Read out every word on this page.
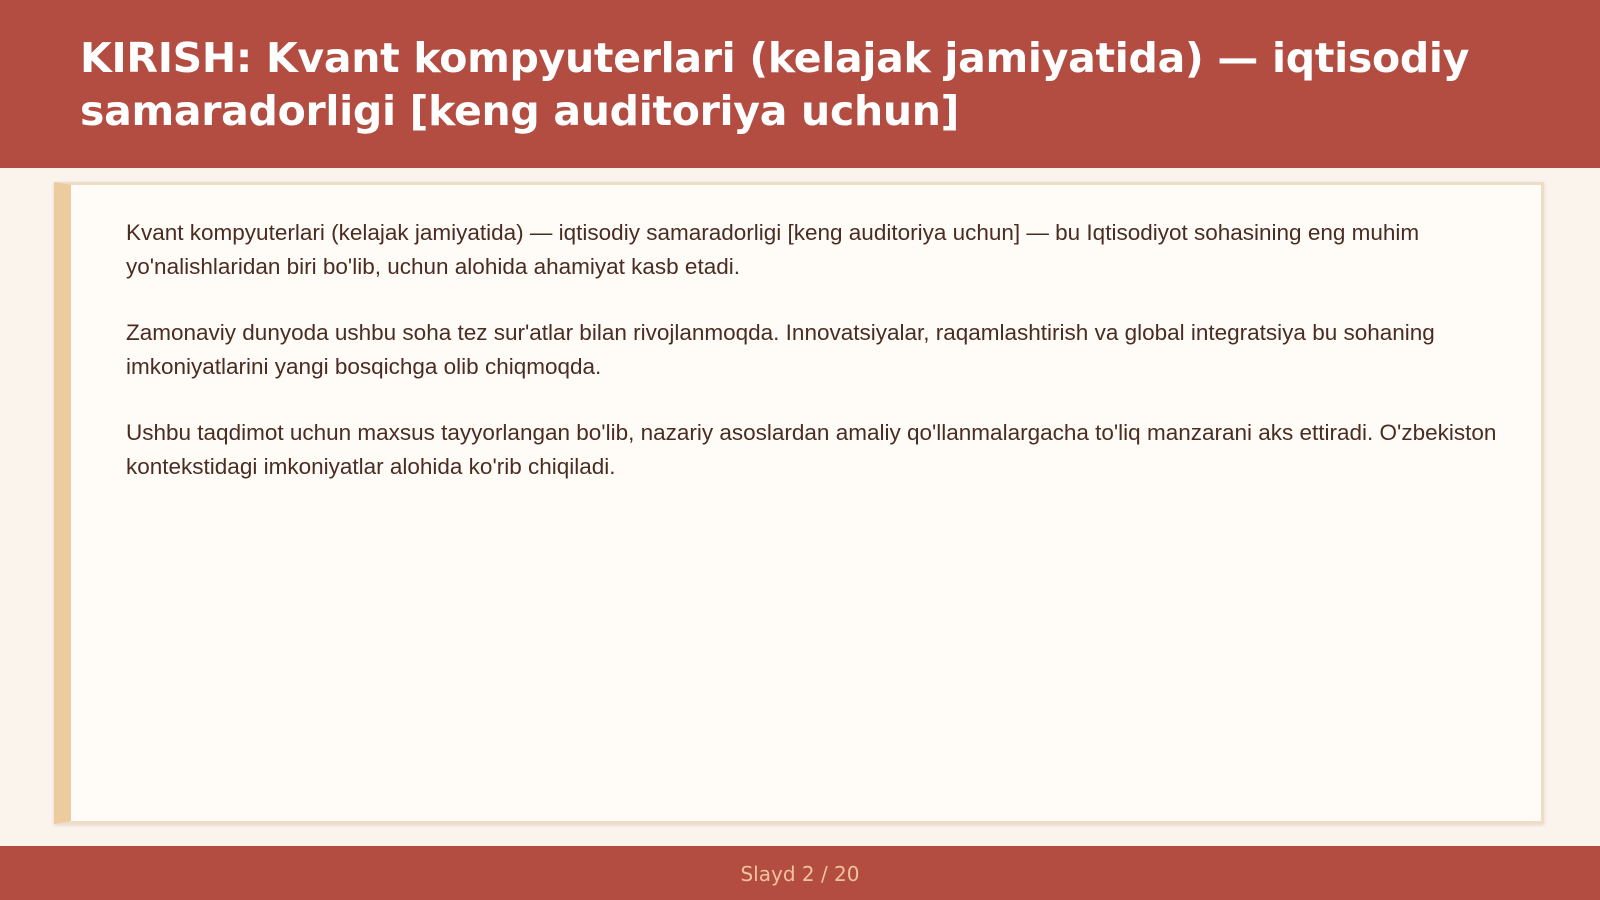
KIRISH: Kvant kompyuterlari (kelajak jamiyatida) — iqtisodiy samaradorligi [keng auditoriya uchun]

Kvant kompyuterlari (kelajak jamiyatida) — iqtisodiy samaradorligi [keng auditoriya uchun] — bu Iqtisodiyot sohasining eng muhim yo'nalishlaridan biri bo'lib, uchun alohida ahamiyat kasb etadi.

Zamonaviy dunyoda ushbu soha tez sur'atlar bilan rivojlanmoqda. Innovatsiyalar, raqamlashtirish va global integratsiya bu sohaning imkoniyatlarini yangi bosqichga olib chiqmoqda.

Ushbu taqdimot uchun maxsus tayyorlangan bo'lib, nazariy asoslardan amaliy qo'llanmalargacha to'liq manzarani aks ettiradi. O'zbekiston kontekstidagi imkoniyatlar alohida ko'rib chiqiladi.

Slayd 2 / 20
